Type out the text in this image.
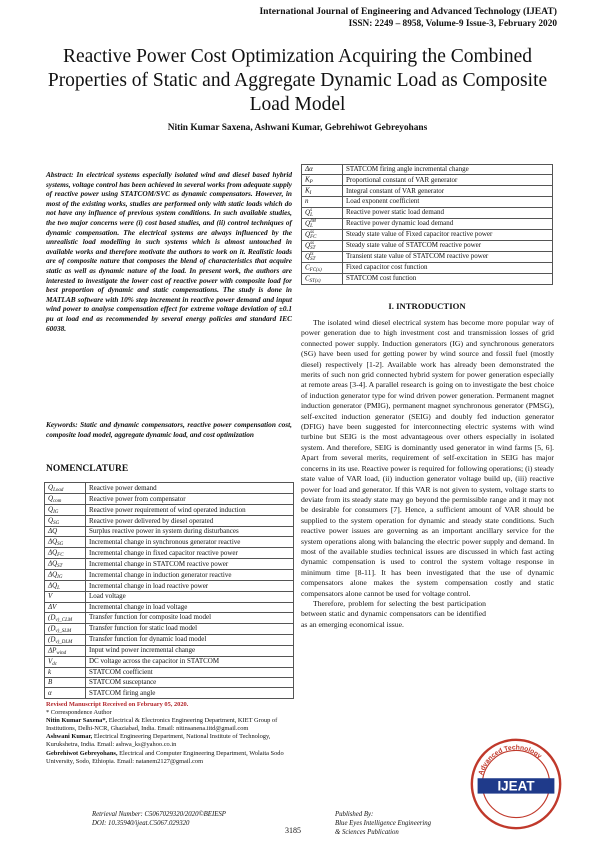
International Journal of Engineering and Advanced Technology (IJEAT)
ISSN: 2249 – 8958, Volume-9 Issue-3, February 2020
Reactive Power Cost Optimization Acquiring the Combined Properties of Static and Aggregate Dynamic Load as Composite Load Model
Nitin Kumar Saxena, Ashwani Kumar, Gebrehiwot Gebreyohans
Abstract: In electrical systems especially isolated wind and diesel based hybrid systems, voltage control has been achieved in several works from adequate supply of reactive power using STATCOM/SVC as dynamic compensators. However, in most of the existing works, studies are performed only with static loads which do not have any influence of previous system conditions. In such available studies, the two major concerns were (i) cost based studies, and (ii) control techniques of dynamic compensation. The electrical systems are always influenced by the unrealistic load modelling in such systems which is almost untouched in available works and therefore motivate the authors to work on it. Realistic loads are of composite nature that composes the blend of characteristics that acquire static as well as dynamic nature of the load. In present work, the authors are interested to investigate the lower cost of reactive power with composite load for best proportion of dynamic and static compensations. The study is done in MATLAB software with 10% step increment in reactive power demand and input wind power to analyse compensation effect for extreme voltage deviation of ±0.1 pu at load end as recommended by several energy policies and standard IEC 60038.
Keywords: Static and dynamic compensators, reactive power compensation cost, composite load model, aggregate dynamic load, and cost optimization
NOMENCLATURE
Q
Load	Reactive power demand
Q
com	Reactive power from compensator
Q
IG	Reactive power requirement of wind operated induction
Q
SG	Reactive power delivered by diesel operated
ΔQ	Surplus reactive power in system during disturbances
ΔQ
SG	Incremental change in synchronous generator reactive
ΔQ
FC	Incremental change in fixed capacitor reactive power
ΔQ
ST	Incremental change in STATCOM reactive power
ΔQ
IG	Incremental change in induction generator reactive
ΔQ
L	Incremental change in load reactive power
V	Load voltage
ΔV	Incremental change in load voltage
(D
v)_CLM	Transfer function for composite load model
(D
v)_SLM	Transfer function for static load model
(D
v)_DLM	Transfer function for dynamic load model
ΔP
wind	Input wind power incremental change
V
dc	DC voltage across the capacitor in STATCOM
k	STATCOM coefficient
B	STATCOM susceptance
α	STATCOM firing angle
Δα	STATCOM firing angle incremental change
K
P	Proportional constant of VAR generator
K
I	Integral constant of VAR generator
n	Load exponent coefficient
Q s
L	Reactive power static load demand
Q IM
L	Reactive power dynamic load demand
Q ss
FC	Steady state value of Fixed capacitor reactive power
Q ss
ST	Steady state value of STATCOM reactive power
Q ts
ST	Transient state value of STATCOM reactive power
C
FC(x)	Fixed capacitor cost function
C
ST(x)	STATCOM cost function
Revised Manuscript Received on February 05, 2020.
* Correspondence Author
Nitin Kumar Saxena*, Electrical & Electronics Engineering Department, KIET Group of Institutions, Delhi-NCR, Ghaziabad, India. Email: nitinsanena.iitd@gmail.com
Ashwani Kumar, Electrical Engineering Department, National Institute of Technology, Kurukshetra, India. Email: ashwa_ks@yahoo.co.in
Gebrehiwot Gebreyohans, Electrical and Computer Engineering Department, Wolaita Sodo University, Sodo, Ethiopia. Email: natanem2127@gmail.com
I. INTRODUCTION

The isolated wind diesel electrical system has become more popular way of power generation due to high investment cost and transmission losses of grid connected power supply. Induction generators (IG) and synchronous generators (SG) have been used for getting power by wind source and fossil fuel (mostly diesel) respectively [1-2]. Available work has already been demonstrated the merits of such non grid connected hybrid system for power generation especially at remote areas [3-4]. A parallel research is going on to investigate the best choice of induction generator type for wind driven power generation. Permanent magnet induction generator (PMIG), permanent magnet synchronous generator (PMSG), self-excited induction generator (SEIG) and doubly fed induction generator (DFIG) have been suggested for interconnecting electric systems with wind turbine but SEIG is the most advantageous over others especially in isolated system. And therefore, SEIG is dominantly used generator in wind farms [5, 6]. Apart from several merits, requirement of self-excitation in SEIG has major concerns in its use. Reactive power is required for following operations; (i) steady state value of VAR load, (ii) induction generator voltage build up, (iii) reactive power for load and generator. If this VAR is not given to system, voltage starts to deviate from its steady state may go beyond the permissible range and it may not be desirable for consumers [7]. Hence, a sufficient amount of VAR should be supplied to the system operation for dynamic and steady state conditions. Such reactive power issues are governing as an important ancillary service for the system operations along with balancing the electric power supply and demand. In most of the available studies technical issues are discussed in which fast acting dynamic compensation is used to control the system voltage response in minimum time [8-11]. It has been investigated that the use of dynamic compensators alone makes the system compensation costly and static compensators alone cannot be used for voltage control.

Therefore, problem for selecting the best participation between static and dynamic compensators can be identified as an emerging economical issue.

Retrieval Number: C5067029320/2020©BEIESP
DOI: 10.35940/ijeat.C5067.029320
3185
Published By:
Blue Eyes Intelligence Engineering
& Sciences Publication
Advanced Technology
IJEAT
